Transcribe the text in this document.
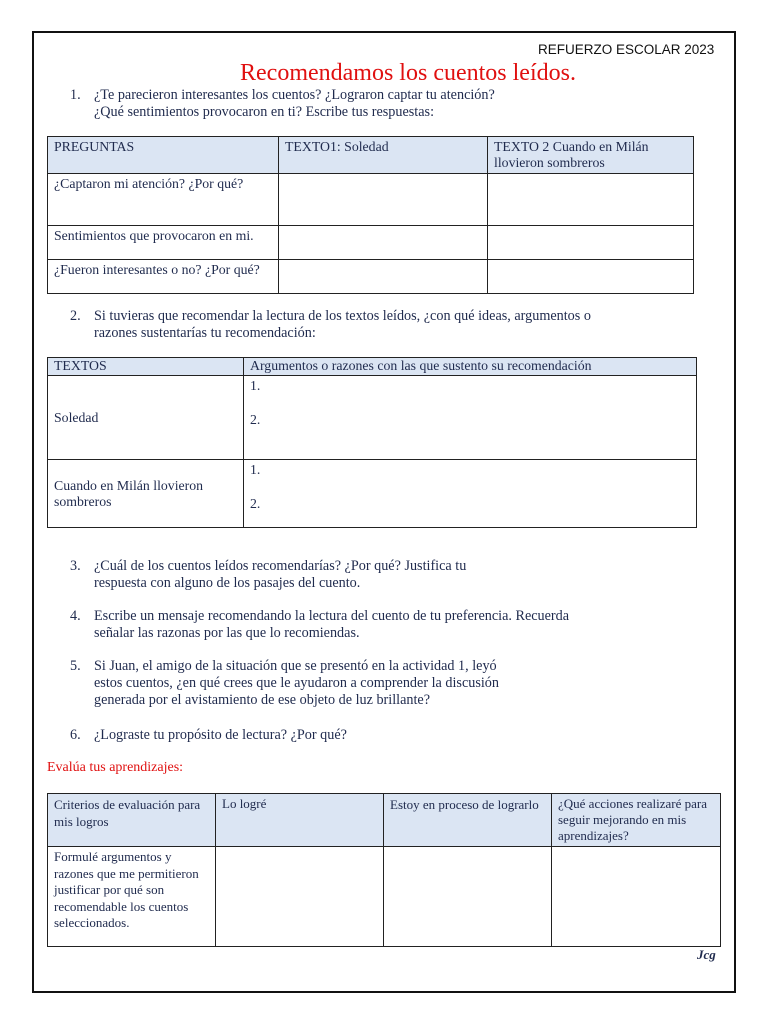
REFUERZO ESCOLAR 2023
Recomendamos los cuentos leídos.
1. ¿Te parecieron interesantes los cuentos? ¿Lograron captar tu atención?
¿Qué sentimientos provocaron en ti? Escribe tus respuestas:
PREGUNTAS	TEXTO1: Soledad	TEXTO 2 Cuando en Milán llovieron sombreros
¿Captaron mi atención? ¿Por qué?		
Sentimientos que provocaron en mi.		
¿Fueron interesantes o no? ¿Por qué?		
2. Si tuvieras que recomendar la lectura de los textos leídos, ¿con qué ideas, argumentos o
razones sustentarías tu recomendación:
TEXTOS	Argumentos o razones con las que sustento su recomendación
Soledad	1.
2.

Cuando en Milán llovieron sombreros	1.
2.
3. ¿Cuál de los cuentos leídos recomendarías? ¿Por qué? Justifica tu
respuesta con alguno de los pasajes del cuento.
4. Escribe un mensaje recomendando la lectura del cuento de tu preferencia. Recuerda
señalar las razonas por las que lo recomiendas.
5. Si Juan, el amigo de la situación que se presentó en la actividad 1, leyó
estos cuentos, ¿en qué crees que le ayudaron a comprender la discusión
generada por el avistamiento de ese objeto de luz brillante?
6. ¿Lograste tu propósito de lectura? ¿Por qué?
Evalúa tus aprendizajes:
Criterios de evaluación para mis logros	Lo logré	Estoy en proceso de lograrlo	¿Qué acciones realizaré para seguir mejorando en mis aprendizajes?
Formulé argumentos y razones que me permitieron justificar por qué son recomendable los cuentos seleccionados.			
Jcg
